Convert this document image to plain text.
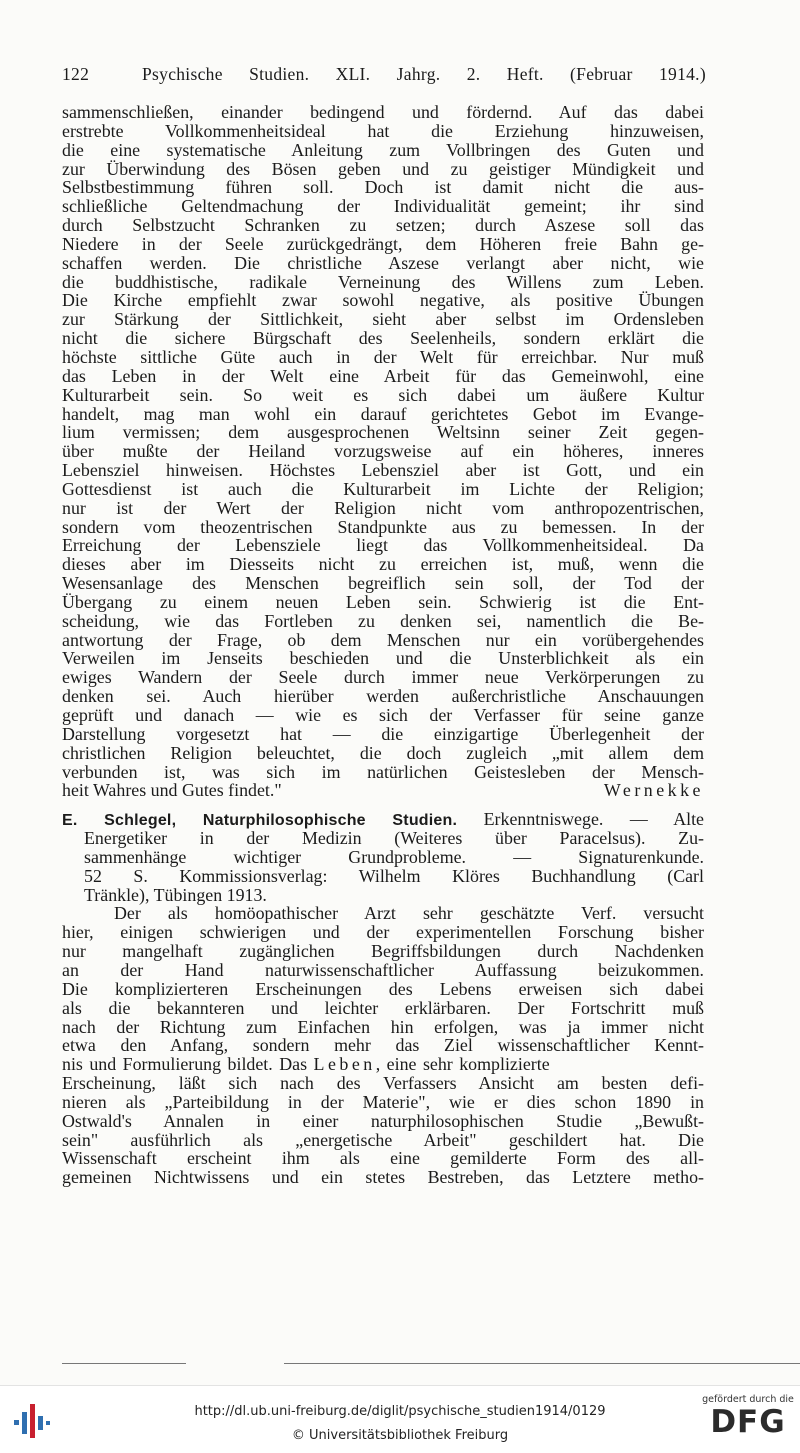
122	Psychische Studien. XLI. Jahrg. 2. Heft. (Februar 1914.)
sammenschließen, einander bedingend und fördernd. Auf das dabei
erstrebte Vollkommenheitsideal hat die Erziehung hinzuweisen,
die eine systematische Anleitung zum Vollbringen des Guten und
zur Überwindung des Bösen geben und zu geistiger Mündigkeit und
Selbstbestimmung führen soll. Doch ist damit nicht die aus-
schließliche Geltendmachung der Individualität gemeint; ihr sind
durch Selbstzucht Schranken zu setzen; durch Aszese soll das
Niedere in der Seele zurückgedrängt, dem Höheren freie Bahn ge-
schaffen werden. Die christliche Aszese verlangt aber nicht, wie
die buddhistische, radikale Verneinung des Willens zum Leben.
Die Kirche empfiehlt zwar sowohl negative, als positive Übungen
zur Stärkung der Sittlichkeit, sieht aber selbst im Ordensleben
nicht die sichere Bürgschaft des Seelenheils, sondern erklärt die
höchste sittliche Güte auch in der Welt für erreichbar. Nur muß
das Leben in der Welt eine Arbeit für das Gemeinwohl, eine
Kulturarbeit sein. So weit es sich dabei um äußere Kultur
handelt, mag man wohl ein darauf gerichtetes Gebot im Evange-
lium vermissen; dem ausgesprochenen Weltsinn seiner Zeit gegen-
über mußte der Heiland vorzugsweise auf ein höheres, inneres
Lebensziel hinweisen. Höchstes Lebensziel aber ist Gott, und ein
Gottesdienst ist auch die Kulturarbeit im Lichte der Religion;
nur ist der Wert der Religion nicht vom anthropozentrischen,
sondern vom theozentrischen Standpunkte aus zu bemessen. In der
Erreichung der Lebensziele liegt das Vollkommenheitsideal. Da
dieses aber im Diesseits nicht zu erreichen ist, muß, wenn die
Wesensanlage des Menschen begreiflich sein soll, der Tod der
Übergang zu einem neuen Leben sein. Schwierig ist die Ent-
scheidung, wie das Fortleben zu denken sei, namentlich die Be-
antwortung der Frage, ob dem Menschen nur ein vorübergehendes
Verweilen im Jenseits beschieden und die Unsterblichkeit als ein
ewiges Wandern der Seele durch immer neue Verkörperungen zu
denken sei. Auch hierüber werden außerchristliche Anschauungen
geprüft und danach — wie es sich der Verfasser für seine ganze
Darstellung vorgesetzt hat — die einzigartige Überlegenheit der
christlichen Religion beleuchtet, die doch zugleich „mit allem dem
verbunden ist, was sich im natürlichen Geistesleben der Mensch-
heit Wahres und Gutes findet."	Wernekke
E. Schlegel, Naturphilosophische Studien. Erkenntniswege. — Alte
Energetiker in der Medizin (Weiteres über Paracelsus). Zu-
sammenhänge wichtiger Grundprobleme. — Signaturenkunde.
52 S. Kommissionsverlag: Wilhelm Klöres Buchhandlung (Carl
Tränkle), Tübingen 1913.
Der als homöopathischer Arzt sehr geschätzte Verf. versucht
hier, einigen schwierigen und der experimentellen Forschung bisher
nur mangelhaft zugänglichen Begriffsbildungen durch Nachdenken
an der Hand naturwissenschaftlicher Auffassung beizukommen.
Die komplizierteren Erscheinungen des Lebens erweisen sich dabei
als die bekannteren und leichter erklärbaren. Der Fortschritt muß
nach der Richtung zum Einfachen hin erfolgen, was ja immer nicht
etwa den Anfang, sondern mehr das Ziel wissenschaftlicher Kennt-
nis und Formulierung bildet. Das Leben, eine sehr komplizierte
Erscheinung, läßt sich nach des Verfassers Ansicht am besten defi-
nieren als „Parteibildung in der Materie", wie er dies schon 1890 in
Ostwald's Annalen in einer naturphilosophischen Studie „Bewußt-
sein" ausführlich als „energetische Arbeit" geschildert hat. Die
Wissenschaft erscheint ihm als eine gemilderte Form des all-
gemeinen Nichtwissens und ein stetes Bestreben, das Letztere metho-
http://dl.ub.uni-freiburg.de/diglit/psychische_studien1914/0129
© Universitätsbibliothek Freiburg
gefördert durch die
DFG
